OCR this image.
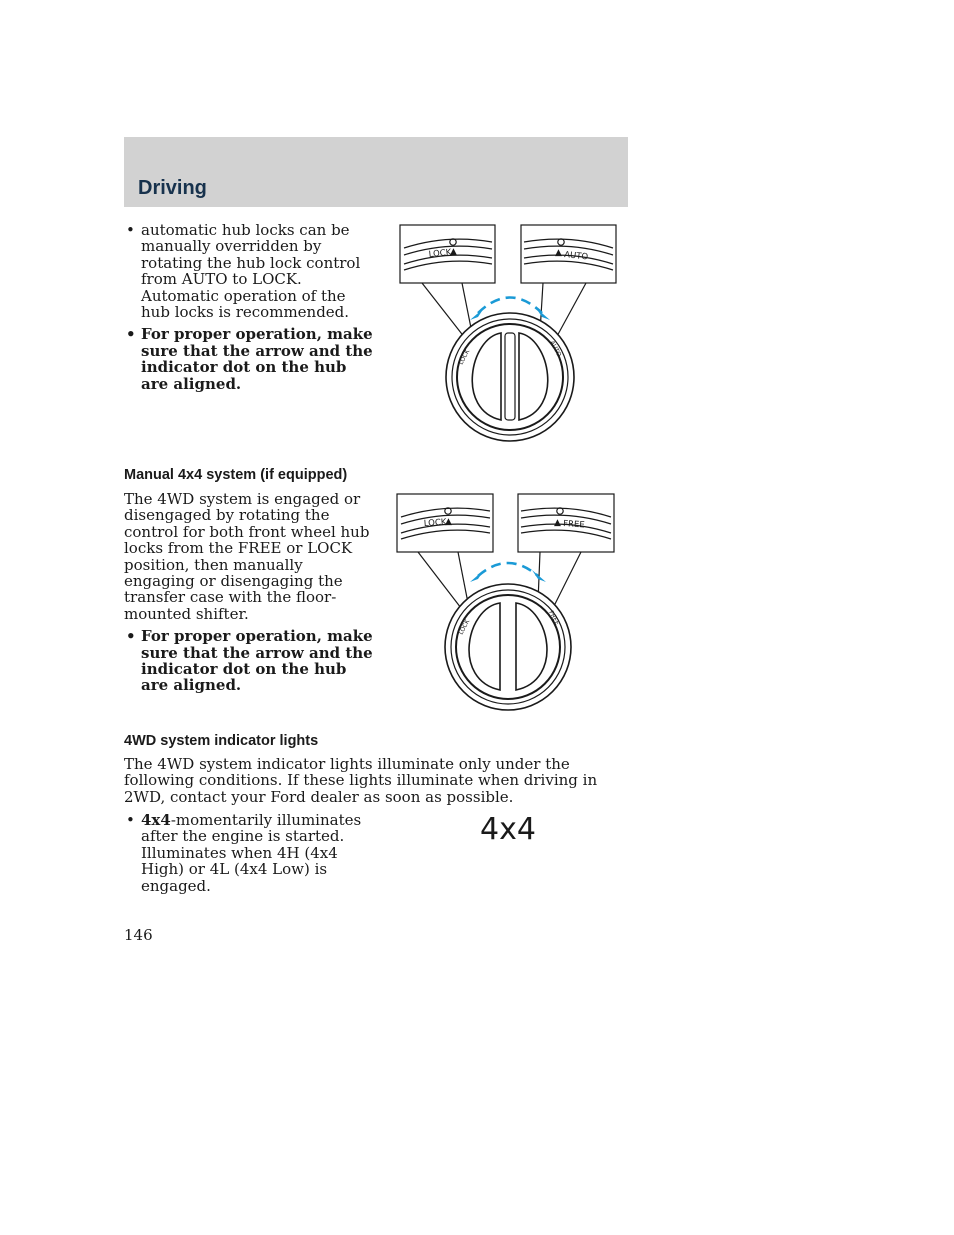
Driving

• automatic hub locks can be manually overridden by rotating the hub lock control from AUTO to LOCK. Automatic operation of the hub locks is recommended.

• For proper operation, make sure that the arrow and the indicator dot on the hub are aligned.

LOCK
▲	▲ AUTO
LOCK	AUTO
Manual 4x4 system (if equipped)

The 4WD system is engaged or disengaged by rotating the control for both front wheel hub locks from the FREE or LOCK position, then manually engaging or disengaging the transfer case with the floor-mounted shifter.

• For proper operation, make sure that the arrow and the indicator dot on the hub are aligned.

LOCK
▲	▲ FREE
LOCK
FREE
4WD system indicator lights

The 4WD system indicator lights illuminate only under the following conditions. If these lights illuminate when driving in 2WD, contact your Ford dealer as soon as possible.

• 4x4-momentarily illuminates after the engine is started. Illuminates when 4H (4x4 High) or 4L (4x4 Low) is engaged.

4x4
146
